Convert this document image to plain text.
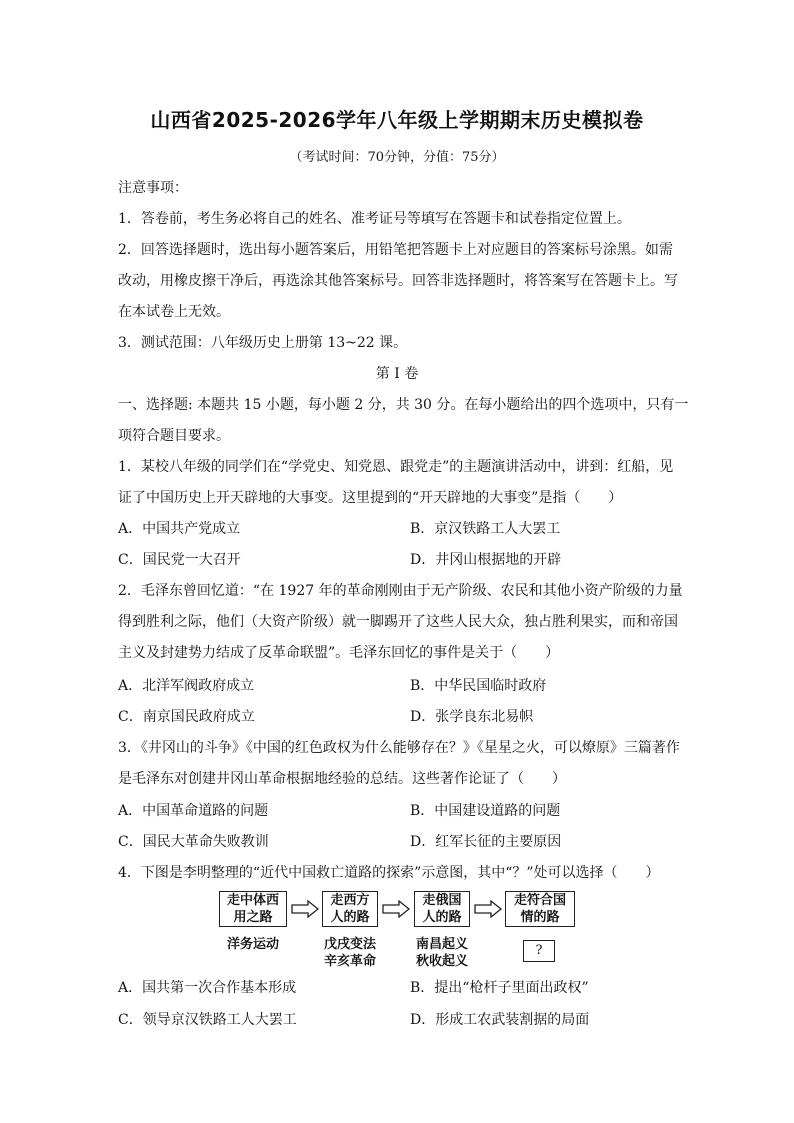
山西省2025-2026学年八年级上学期期末历史模拟卷
（考试时间：70分钟，分值：75分）
注意事项：
1．答卷前，考生务必将自己的姓名、准考证号等填写在答题卡和试卷指定位置上。
2．回答选择题时，选出每小题答案后，用铅笔把答题卡上对应题目的答案标号涂黑。如需
改动，用橡皮擦干净后，再选涂其他答案标号。回答非选择题时，将答案写在答题卡上。写
在本试卷上无效。
3．测试范围：八年级历史上册第 13~22 课。
第 I 卷
一、选择题: 本题共 15 小题，每小题 2 分，共 30 分。在每小题给出的四个选项中，只有一
项符合题目要求。
1．某校八年级的同学们在“学党史、知党恩、跟党走”的主题演讲活动中，讲到：红船，见
证了中国历史上开天辟地的大事变。这里提到的“开天辟地的大事变”是指（　　）
A．中国共产党成立	B．京汉铁路工人大罢工
C．国民党一大召开	D．井冈山根据地的开辟
2．毛泽东曾回忆道：“在 1927 年的革命刚刚由于无产阶级、农民和其他小资产阶级的力量
得到胜利之际，他们（大资产阶级）就一脚踢开了这些人民大众，独占胜利果实，而和帝国
主义及封建势力结成了反革命联盟”。毛泽东回忆的事件是关于（　　）
A．北洋军阀政府成立	B．中华民国临时政府
C．南京国民政府成立	D．张学良东北易帜
3．《井冈山的斗争》《中国的红色政权为什么能够存在？》《星星之火，可以燎原》三篇著作
是毛泽东对创建井冈山革命根据地经验的总结。这些著作论证了（　　）
A．中国革命道路的问题	B．中国建设道路的问题
C．国民大革命失败教训	D．红军长征的主要原因
4．下图是李明整理的“近代中国救亡道路的探索”示意图，其中“？”处可以选择（　　）
走中体西
用之路
走西方
人的路
走俄国
人的路
走符合国
情的路
洋务运动	戊戌变法
辛亥革命
南昌起义
秋收起义
?
A．国共第一次合作基本形成	B．提出“枪杆子里面出政权”
C．领导京汉铁路工人大罢工	D．形成工农武装割据的局面
